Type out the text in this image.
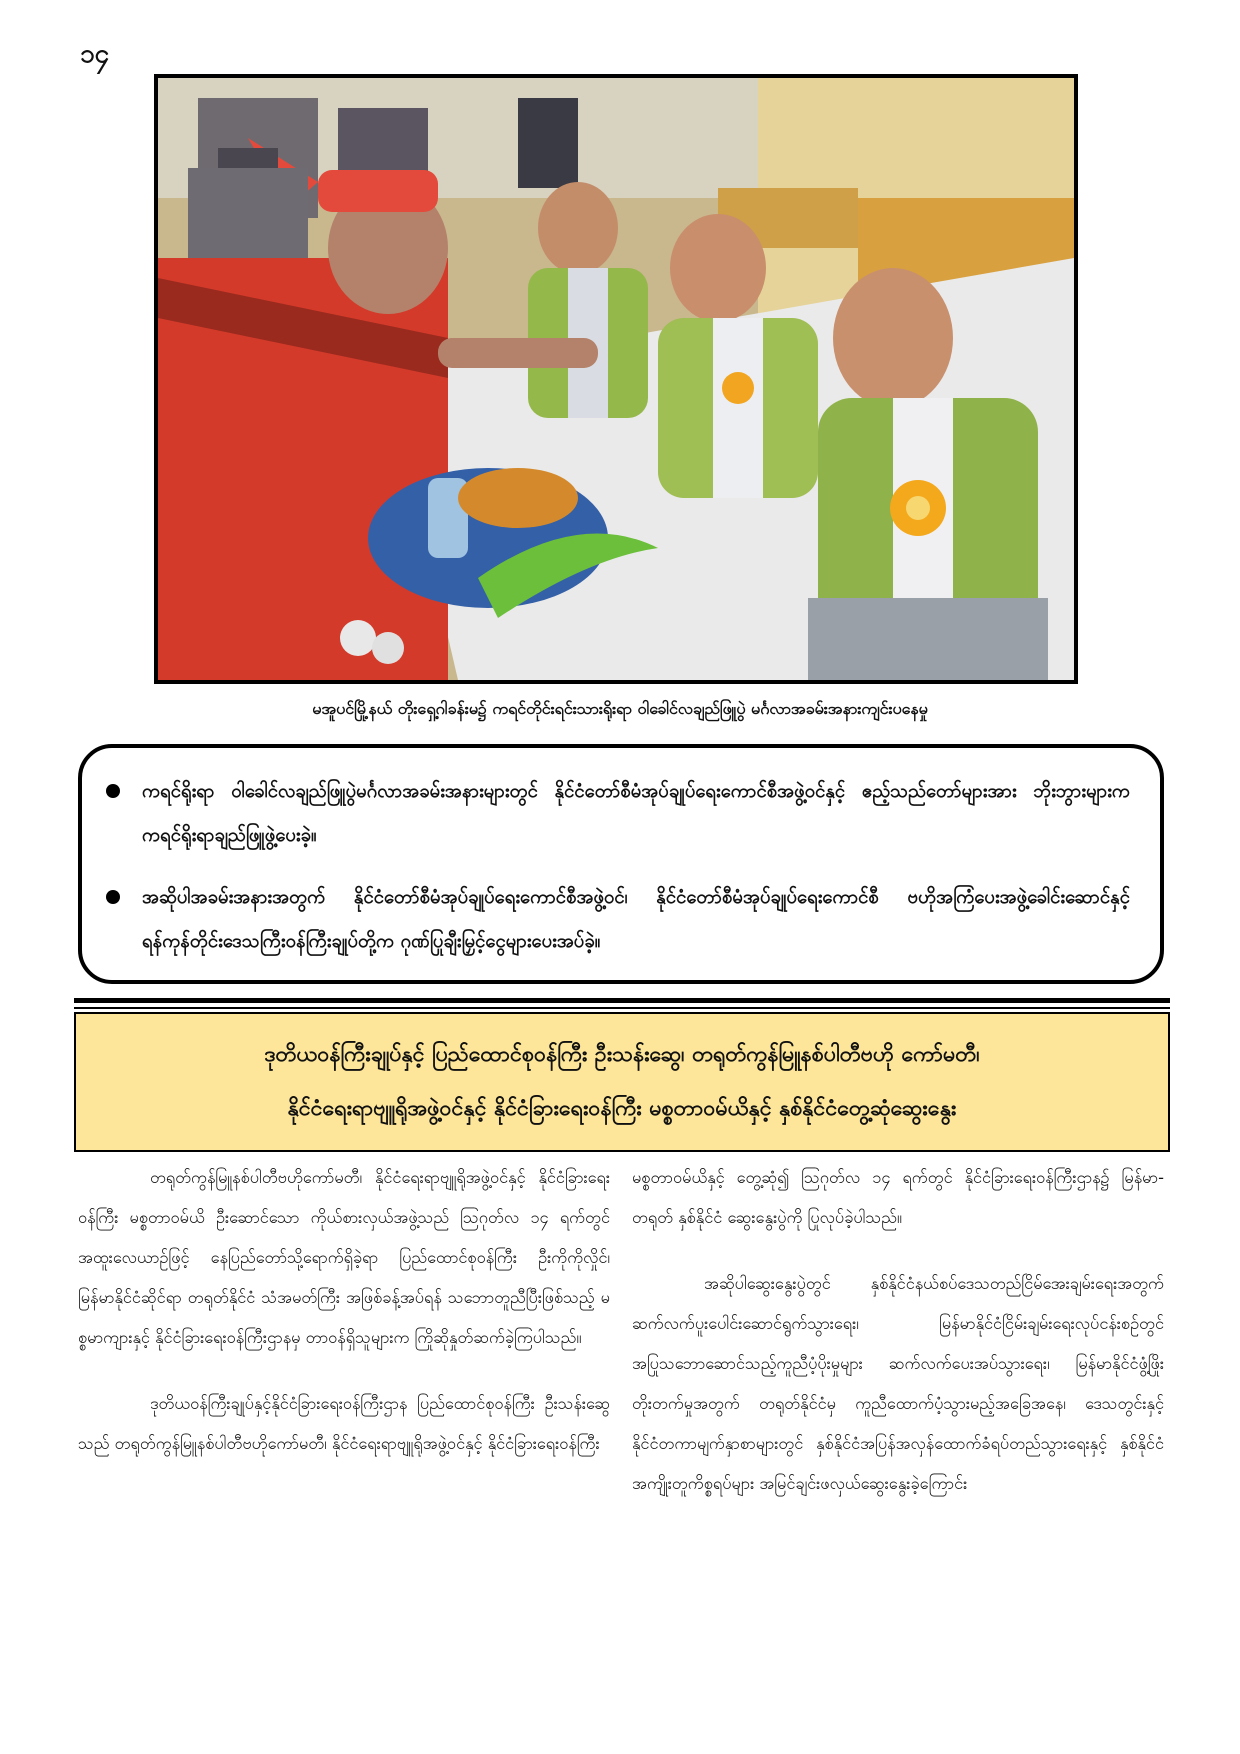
၁၄
မအူပင်မြို့နယ် တိုးရှေ့ဂါခန်းမ၌ ကရင်တိုင်းရင်းသားရိုးရာ ဝါခေါင်လချည်ဖြူပွဲ မင်္ဂလာအခမ်းအနားကျင်းပနေမှု
ကရင်ရိုးရာ ဝါခေါင်လချည်ဖြူပွဲမင်္ဂလာအခမ်းအနားများတွင် နိုင်ငံတော်စီမံအုပ်ချုပ်ရေးကောင်စီအဖွဲ့ဝင်နှင့် ဧည့်သည်တော်များအား ဘိုးဘွားများက ကရင်ရိုးရာချည်ဖြူဖွဲ့ပေးခဲ့။
အဆိုပါအခမ်းအနားအတွက် နိုင်ငံတော်စီမံအုပ်ချုပ်ရေးကောင်စီအဖွဲ့ဝင်၊ နိုင်ငံတော်စီမံအုပ်ချုပ်ရေးကောင်စီ ဗဟိုအကြံပေးအဖွဲ့ခေါင်းဆောင်နှင့် ရန်ကုန်တိုင်းဒေသကြီးဝန်ကြီးချုပ်တို့က ဂုဏ်ပြုချီးမြှင့်ငွေများပေးအပ်ခဲ့။
ဒုတိယဝန်ကြီးချုပ်နှင့် ပြည်ထောင်စုဝန်ကြီး ဦးသန်းဆွေ၊ တရုတ်ကွန်မြူနစ်ပါတီဗဟို ကော်မတီ၊
နိုင်ငံရေးရာဗျူရိုအဖွဲ့ဝင်နှင့် နိုင်ငံခြားရေးဝန်ကြီး မစ္စတာဝမ်ယိနှင့် နှစ်နိုင်ငံတွေ့ဆုံဆွေးနွေး

တရုတ်ကွန်မြူနစ်ပါတီဗဟိုကော်မတီ၊ နိုင်ငံရေးရာဗျူရိုအဖွဲ့ဝင်နှင့် နိုင်ငံခြားရေးဝန်ကြီး မစ္စတာဝမ်ယိ ဦးဆောင်သော ကိုယ်စားလှယ်အဖွဲ့သည် ဩဂုတ်လ ၁၄ ရက်တွင် အထူးလေယာဉ်ဖြင့် နေပြည်တော်သို့ရောက်ရှိခဲ့ရာ ပြည်ထောင်စုဝန်ကြီး ဦးကိုကိုလှိုင်၊ မြန်မာနိုင်ငံဆိုင်ရာ တရုတ်နိုင်ငံ သံအမတ်ကြီး အဖြစ်ခန့်အပ်ရန် သဘောတူညီပြီးဖြစ်သည့် မစ္စမာကျားနှင့် နိုင်ငံခြားရေးဝန်ကြီးဌာနမှ တာဝန်ရှိသူများက ကြိုဆိုနှုတ်ဆက်ခဲ့ကြပါသည်။

ဒုတိယဝန်ကြီးချုပ်နှင့်နိုင်ငံခြားရေးဝန်ကြီးဌာန ပြည်ထောင်စုဝန်ကြီး ဦးသန်းဆွေသည် တရုတ်ကွန်မြူနစ်ပါတီဗဟိုကော်မတီ၊ နိုင်ငံရေးရာဗျူရိုအဖွဲ့ဝင်နှင့် နိုင်ငံခြားရေးဝန်ကြီး

မစ္စတာဝမ်ယိနှင့် တွေ့ဆုံ၍ ဩဂုတ်လ ၁၄ ရက်တွင် နိုင်ငံခြားရေးဝန်ကြီးဌာန၌ မြန်မာ-တရုတ် နှစ်နိုင်ငံ ဆွေးနွေးပွဲကို ပြုလုပ်ခဲ့ပါသည်။

အဆိုပါဆွေးနွေးပွဲတွင် နှစ်နိုင်ငံနယ်စပ်ဒေသတည်ငြိမ်အေးချမ်းရေးအတွက် ဆက်လက်ပူးပေါင်းဆောင်ရွက်သွားရေး၊ မြန်မာနိုင်ငံငြိမ်းချမ်းရေးလုပ်ငန်းစဉ်တွင် အပြုသဘောဆောင်သည့်ကူညီပံ့ပိုးမှုများ ဆက်လက်ပေးအပ်သွားရေး၊ မြန်မာနိုင်ငံဖွံ့ဖြိုးတိုးတက်မှုအတွက် တရုတ်နိုင်ငံမှ ကူညီထောက်ပံ့သွားမည့်အခြေအနေ၊ ဒေသတွင်းနှင့် နိုင်ငံတကာမျက်နှာစာများတွင် နှစ်နိုင်ငံအပြန်အလှန်ထောက်ခံရပ်တည်သွားရေးနှင့် နှစ်နိုင်ငံအကျိုးတူကိစ္စရပ်များ အမြင်ချင်းဖလှယ်ဆွေးနွေးခဲ့ကြောင်း
